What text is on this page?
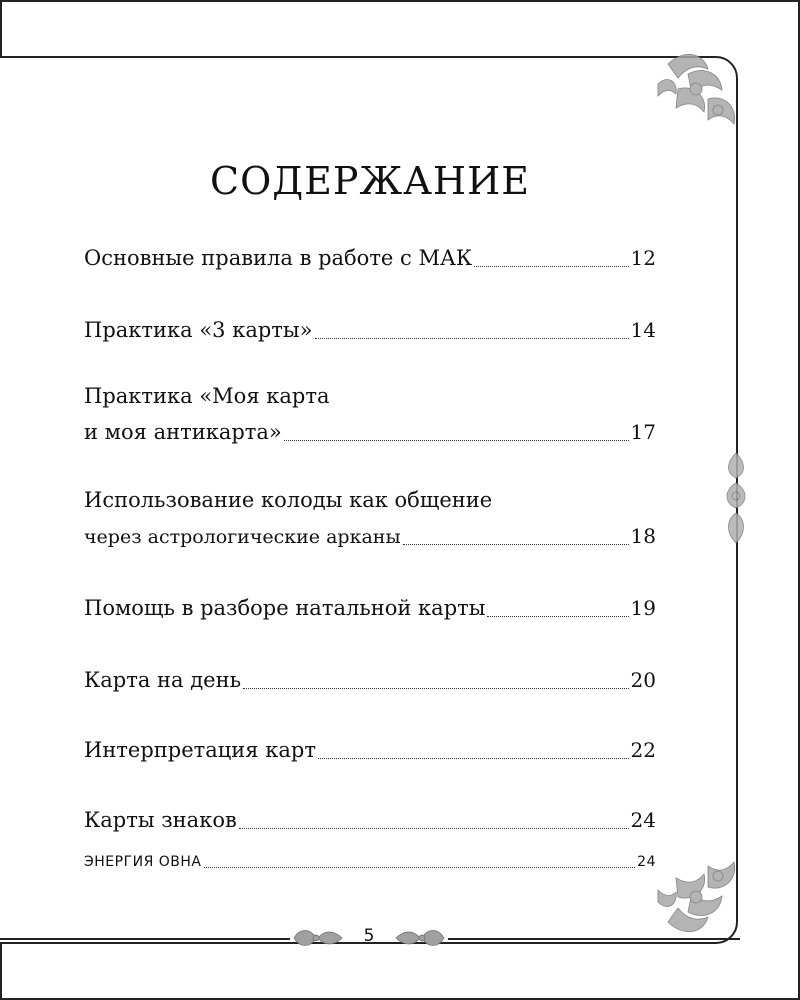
СОДЕРЖАНИЕ
Основные правила в работе с МАК	12
Практика «3 карты»	14
Практика «Моя карта
и моя антикарта»	17
Использование колоды как общение
через астрологические арканы	18
Помощь в разборе натальной карты	19
Карта на день	20
Интерпретация карт	22
Карты знаков	24
ЭНЕРГИЯ ОВНА	24
5
